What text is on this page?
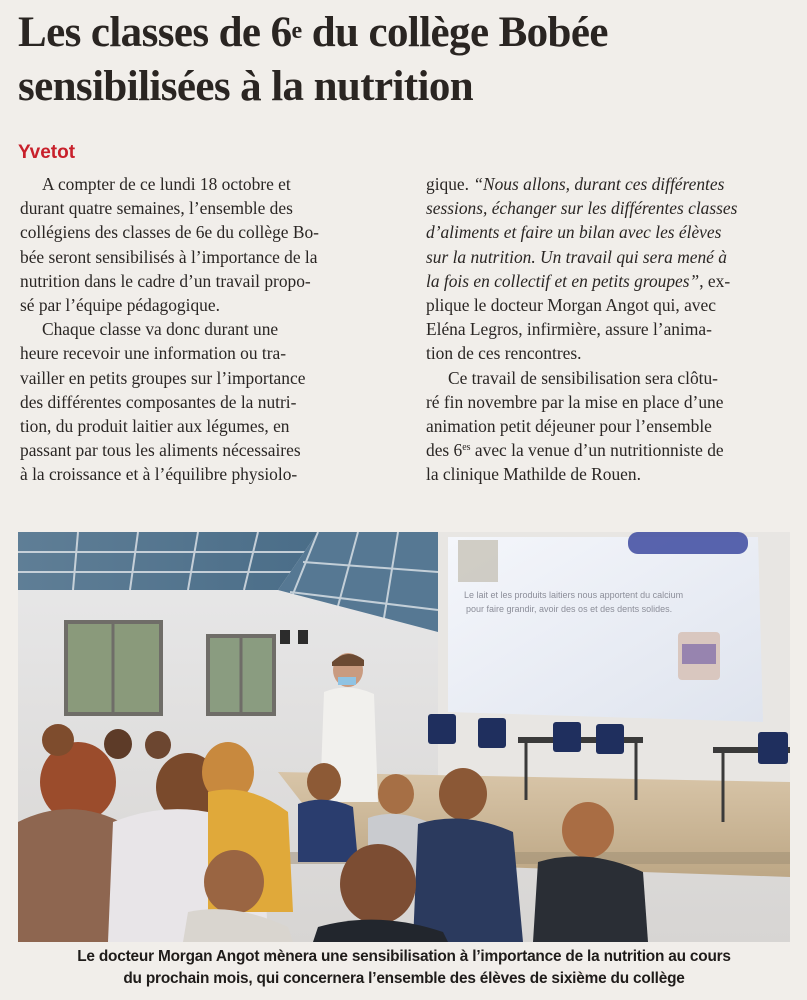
Les classes de 6e du collège Bobée
sensibilisées à la nutrition
Yvetot
A compter de ce lundi 18 octobre et
durant quatre semaines, l’ensemble des
collégiens des classes de 6e du collège Bo-
bée seront sensibilisés à l’importance de la
nutrition dans le cadre d’un travail propo-
sé par l’équipe pédagogique.
Chaque classe va donc durant une
heure recevoir une information ou tra-
vailler en petits groupes sur l’importance
des différentes composantes de la nutri-
tion, du produit laitier aux légumes, en
passant par tous les aliments nécessaires
à la croissance et à l’équilibre physiolo-
gique. “Nous allons, durant ces différentes
sessions, échanger sur les différentes classes
d’aliments et faire un bilan avec les élèves
sur la nutrition. Un travail qui sera mené à
la fois en collectif et en petits groupes”, ex-
plique le docteur Morgan Angot qui, avec
Eléna Legros, infirmière, assure l’anima-
tion de ces rencontres.
Ce travail de sensibilisation sera clôtu-
ré fin novembre par la mise en place d’une
animation petit déjeuner pour l’ensemble
des $6^{es}$ avec la venue d’un nutritionniste de
la clinique Mathilde de Rouen.
Le lait et les produits laitiers nous apportent du calcium
pour faire grandir, avoir des os et des dents solides.
Le docteur Morgan Angot mènera une sensibilisation à l’importance de la nutrition au cours
du prochain mois, qui concernera l’ensemble des élèves de sixième du collège
